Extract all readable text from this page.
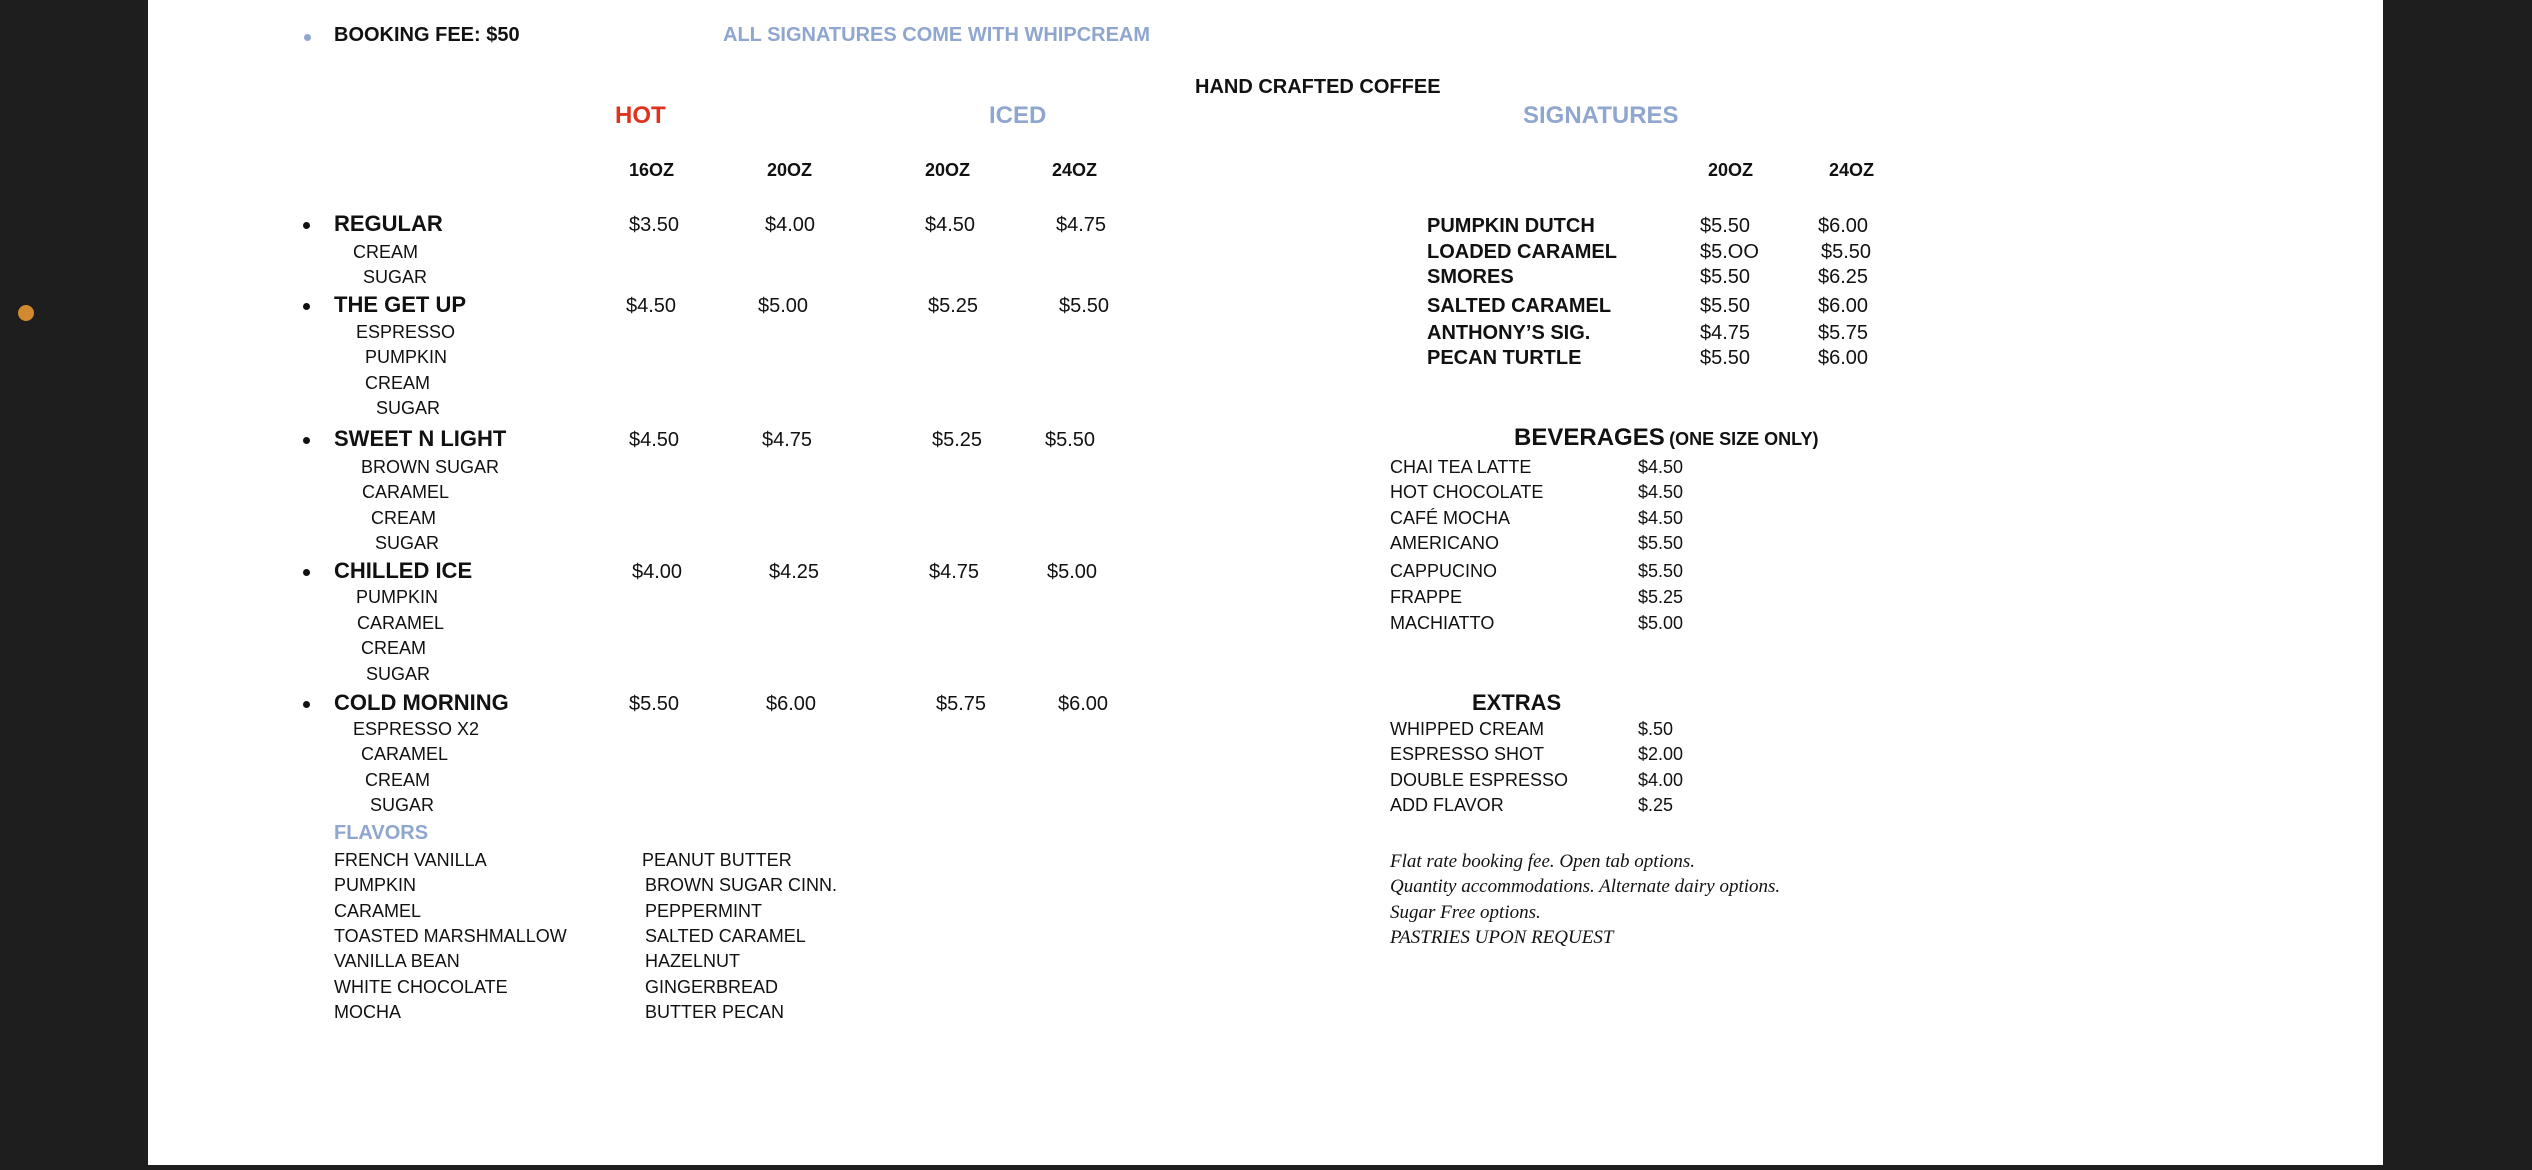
BOOKING FEE: $50	ALL SIGNATURES COME WITH WHIPCREAM
HAND CRAFTED COFFEE
HOT	ICED	SIGNATURES
16OZ	20OZ	20OZ	24OZ	20OZ	24OZ
REGULAR	$3.50	$4.00	$4.50	$4.75
CREAM
SUGAR
THE GET UP	$4.50	$5.00	$5.25	$5.50
ESPRESSO
PUMPKIN
CREAM
SUGAR
SWEET N LIGHT	$4.50	$4.75	$5.25	$5.50
BROWN SUGAR
CARAMEL
CREAM
SUGAR
CHILLED ICE	$4.00	$4.25	$4.75	$5.00
PUMPKIN
CARAMEL
CREAM
SUGAR
COLD MORNING	$5.50	$6.00	$5.75	$6.00
ESPRESSO X2
CARAMEL
CREAM
SUGAR
FLAVORS
FRENCH VANILLA
PUMPKIN
CARAMEL
TOASTED MARSHMALLOW
VANILLA BEAN
WHITE CHOCOLATE
MOCHA
PEANUT BUTTER
BROWN SUGAR CINN.
PEPPERMINT
SALTED CARAMEL
HAZELNUT
GINGERBREAD
BUTTER PECAN
PUMPKIN DUTCH	$5.50	$6.00
LOADED CARAMEL	$5.OO	$5.50
SMORES	$5.50	$6.25
SALTED CARAMEL	$5.50	$6.00
ANTHONY’S SIG.	$4.75	$5.75
PECAN TURTLE	$5.50	$6.00
BEVERAGES (ONE SIZE ONLY)
CHAI TEA LATTE	$4.50
HOT CHOCOLATE	$4.50
CAFÉ MOCHA	$4.50
AMERICANO	$5.50
CAPPUCINO	$5.50
FRAPPE	$5.25
MACHIATTO	$5.00
EXTRAS
WHIPPED CREAM	$.50
ESPRESSO SHOT	$2.00
DOUBLE ESPRESSO	$4.00
ADD FLAVOR	$.25
Flat rate booking fee. Open tab options.
Quantity accommodations. Alternate dairy options.
Sugar Free options.
PASTRIES UPON REQUEST
